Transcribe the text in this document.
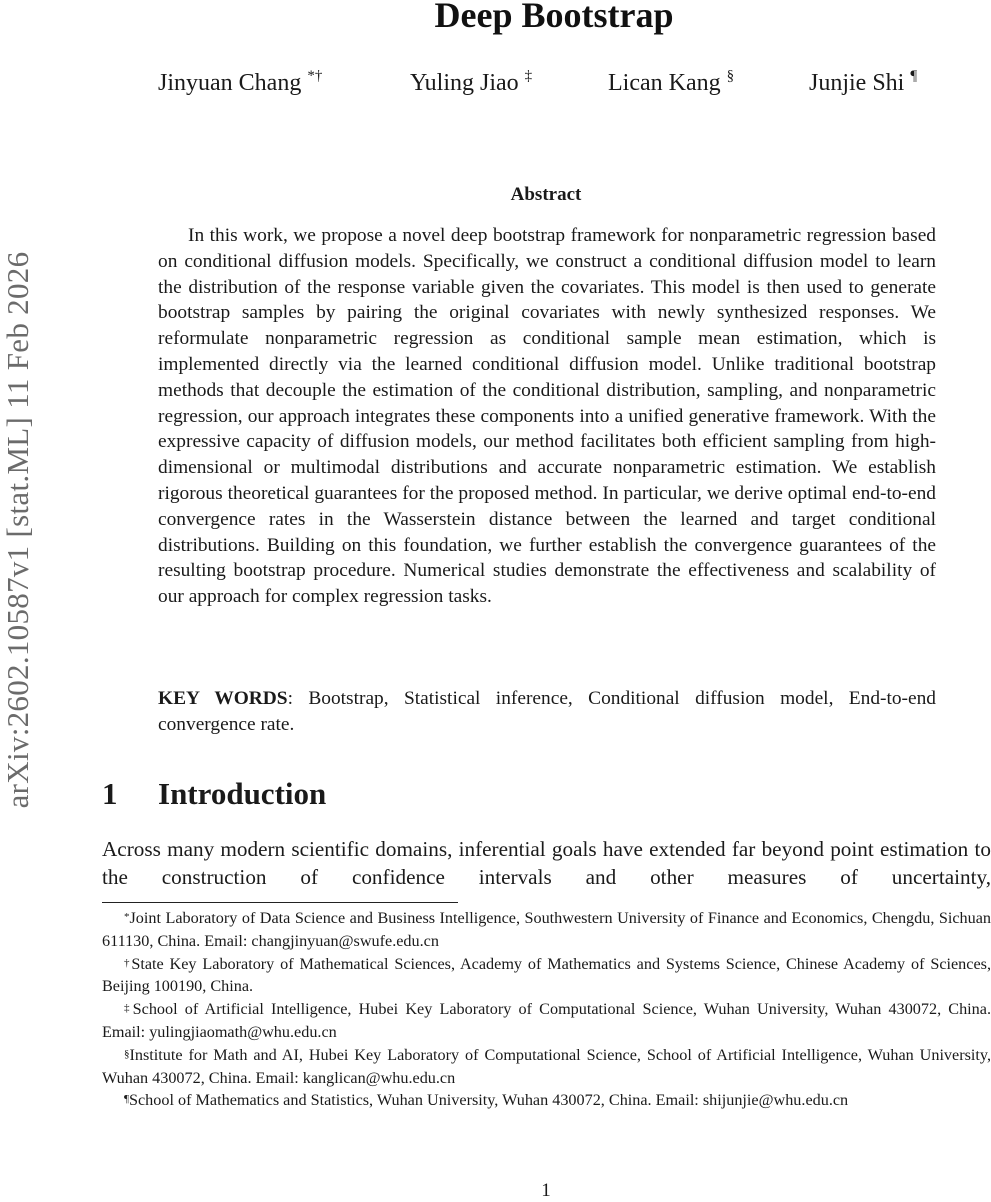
arXiv:2602.10587v1 [stat.ML] 11 Feb 2026
Deep Bootstrap
Jinyuan Chang *†	Yuling Jiao ‡	Lican Kang §	Junjie Shi ¶
Abstract
In this work, we propose a novel deep bootstrap framework for nonparametric regression based on conditional diffusion models. Specifically, we construct a conditional diffusion model to learn the distribution of the response variable given the covariates. This model is then used to generate bootstrap samples by pairing the original covariates with newly synthesized responses. We reformulate nonparametric regression as conditional sample mean estimation, which is implemented directly via the learned conditional diffusion model. Unlike traditional bootstrap methods that decouple the estimation of the conditional distribution, sampling, and nonparametric regression, our approach integrates these components into a unified generative framework. With the expressive capacity of diffusion models, our method facilitates both efficient sampling from high-dimensional or multimodal distributions and accurate nonparametric estimation. We establish rigorous theoretical guarantees for the proposed method. In particular, we derive optimal end-to-end convergence rates in the Wasserstein distance between the learned and target conditional distributions. Building on this foundation, we further establish the convergence guarantees of the resulting bootstrap procedure. Numerical studies demonstrate the effectiveness and scalability of our approach for complex regression tasks.
KEY WORDS: Bootstrap, Statistical inference, Conditional diffusion model, End-to-end convergence rate.
1 Introduction
Across many modern scientific domains, inferential goals have extended far beyond point estimation to the construction of confidence intervals and other measures of uncertainty,
*Joint Laboratory of Data Science and Business Intelligence, Southwestern University of Finance and Economics, Chengdu, Sichuan 611130, China. Email: changjinyuan@swufe.edu.cn
†State Key Laboratory of Mathematical Sciences, Academy of Mathematics and Systems Science, Chinese Academy of Sciences, Beijing 100190, China.
‡School of Artificial Intelligence, Hubei Key Laboratory of Computational Science, Wuhan University, Wuhan 430072, China. Email: yulingjiaomath@whu.edu.cn
§Institute for Math and AI, Hubei Key Laboratory of Computational Science, School of Artificial Intelligence, Wuhan University, Wuhan 430072, China. Email: kanglican@whu.edu.cn
¶School of Mathematics and Statistics, Wuhan University, Wuhan 430072, China. Email: shijunjie@whu.edu.cn
1
